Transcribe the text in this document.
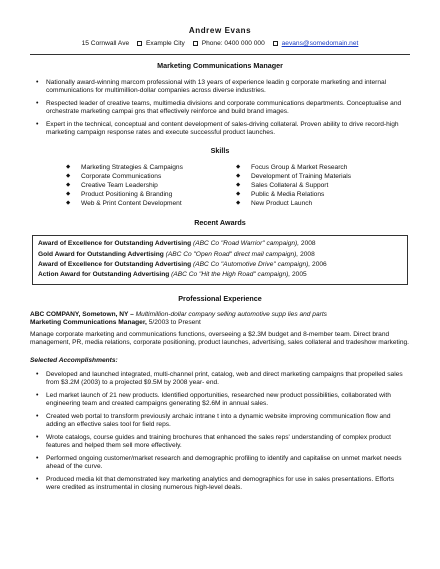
Andrew Evans
15 Cornwall Ave	Example City	Phone: 0400 000 000	aevans@somedomain.net
Marketing Communications Manager
• Nationally award-winning marcom professional with 13 years of experience leadin g corporate marketing and internal communications for multimillion-dollar companies across diverse industries.
• Respected leader of creative teams, multimedia divisions and corporate communications departments. Conceptualise and orchestrate marketing campai gns that effectively reinforce and build brand images.
• Expert in the technical, conceptual and content development of sales-driving collateral. Proven ability to drive record-high marketing campaign response rates and execute successful product launches.
Skills
◆ Marketing Strategies & Campaigns
◆ Corporate Communications
◆ Creative Team Leadership
◆ Product Positioning & Branding
◆ Web & Print Content Development
◆ Focus Group & Market Research
◆ Development of Training Materials
◆ Sales Collateral & Support
◆ Public & Media Relations
◆ New Product Launch
Recent Awards
Award of Excellence for Outstanding Advertising (ABC Co "Road Warrior" campaign), 2008
Gold Award for Outstanding Advertising (ABC Co "Open Road" direct mail campaign), 2008
Award of Excellence for Outstanding Advertising (ABC Co "Automotive Drive" campaign), 2006
Action Award for Outstanding Advertising (ABC Co "Hit the High Road" campaign), 2005
Professional Experience
ABC COMPANY, Sometown, NY – Multimillion-dollar company selling automotive supp lies and parts
Marketing Communications Manager, 5/2003 to Present
Manage corporate marketing and communications functions, overseeing a $2.3M budget and 8-member team. Direct brand management, PR, media relations, corporate positioning, product launches, advertising, sales collateral and tradeshow marketing.
Selected Accomplishments:
• Developed and launched integrated, multi-channel print, catalog, web and direct marketing campaigns that propelled sales from $3.2M (2003) to a projected $9.5M by 2008 year- end.
• Led market launch of 21 new products. Identified opportunities, researched new product possibilities, collaborated with engineering team and created campaigns generating $2.6M in annual sales.
• Created web portal to transform previously archaic intrane t into a dynamic website improving communication flow and adding an effective sales tool for field reps.
• Wrote catalogs, course guides and training brochures that enhanced the sales reps' understanding of complex product features and helped them sell more effectively.
• Performed ongoing customer/market research and demographic profiling to identify and capitalise on unmet market needs ahead of the curve.
• Produced media kit that demonstrated key marketing analytics and demographics for use in sales presentations. Efforts were credited as instrumental in closing numerous high-level deals.
